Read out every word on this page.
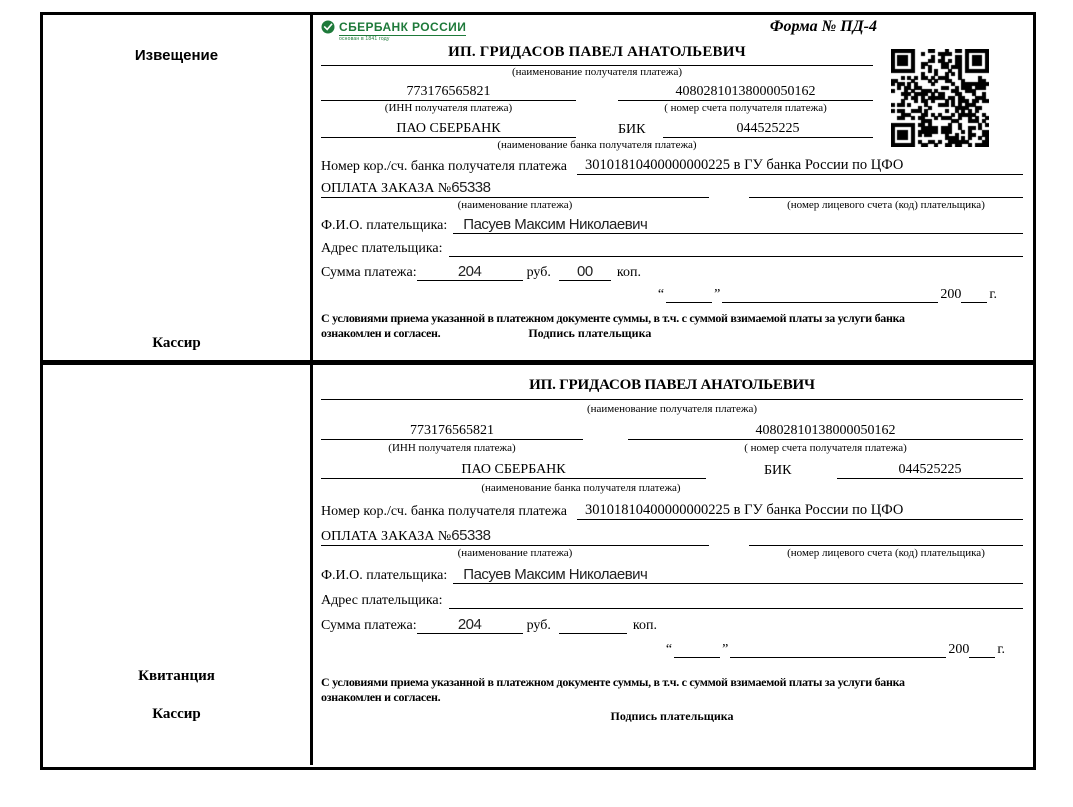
Извещение
Кассир
СБЕРБАНК РОССИИ
основан в 1841 году
Форма № ПД-4
ИП. ГРИДАСОВ ПАВЕЛ АНАТОЛЬЕВИЧ
(наименование получателя платежа)
773176565821	40802810138000050162
(ИНН получателя платежа)	( номер счета получателя платежа)
ПАО СБЕРБАНК	БИК	044525225
(наименование банка получателя платежа)
Номер кор./сч. банка получателя платежа	30101810400000000225 в ГУ банка России по ЦФО
ОПЛАТА ЗАКАЗА №65338
(наименование платежа)	(номер лицевого счета (код) плательщика)
Ф.И.О. плательщика:	Пасуев Максим Николаевич
Адрес плательщика:
Сумма платежа:	204	руб.	00	коп.
“	”	200 г.
С условиями приема указанной в платежном документе суммы, в т.ч. с суммой взимаемой платы за услуги банка
ознакомлен и согласен.	Подпись плательщика
Квитанция
Кассир
ИП. ГРИДАСОВ ПАВЕЛ АНАТОЛЬЕВИЧ
(наименование получателя платежа)
773176565821	40802810138000050162
(ИНН получателя платежа)	( номер счета получателя платежа)
ПАО СБЕРБАНК	БИК	044525225
(наименование банка получателя платежа)
Номер кор./сч. банка получателя платежа	30101810400000000225 в ГУ банка России по ЦФО
ОПЛАТА ЗАКАЗА №65338
(наименование платежа)	(номер лицевого счета (код) плательщика)
Ф.И.О. плательщика:	Пасуев Максим Николаевич
Адрес плательщика:
Сумма платежа:	204	руб.	коп.
“	”	200 г.
С условиями приема указанной в платежном документе суммы, в т.ч. с суммой взимаемой платы за услуги банка
ознакомлен и согласен.
Подпись плательщика
